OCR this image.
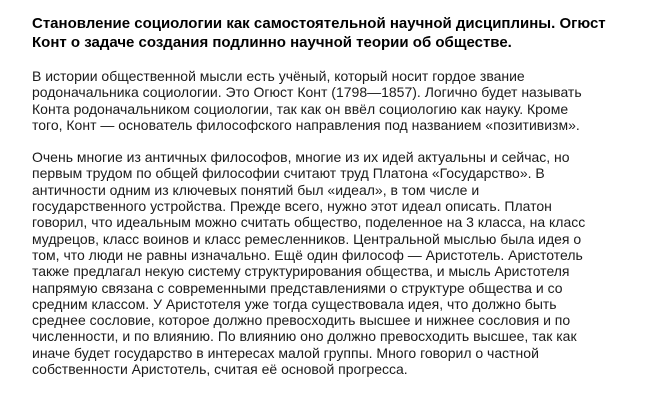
Становление социологии как самостоятельной научной дисциплины. Огюст
Конт о задаче создания подлинно научной теории об обществе.
В истории общественной мысли есть учёный, который носит гордое звание
родоначальника социологии. Это Огюст Конт (1798—1857). Логично будет называть
Конта родоначальником социологии, так как он ввёл социологию как науку. Кроме
того, Конт — основатель философского направления под названием «позитивизм».
Очень многие из античных философов, многие из их идей актуальны и сейчас, но
первым трудом по общей философии считают труд Платона «Государство». В
античности одним из ключевых понятий был «идеал», в том числе и
государственного устройства. Прежде всего, нужно этот идеал описать. Платон
говорил, что идеальным можно считать общество, поделенное на 3 класса, на класс
мудрецов, класс воинов и класс ремесленников. Центральной мыслью была идея о
том, что люди не равны изначально. Ещё один философ — Аристотель. Аристотель
также предлагал некую систему структурирования общества, и мысль Аристотеля
напрямую связана с современными представлениями о структуре общества и со
средним классом. У Аристотеля уже тогда существовала идея, что должно быть
среднее сословие, которое должно превосходить высшее и нижнее сословия и по
численности, и по влиянию. По влиянию оно должно превосходить высшее, так как
иначе будет государство в интересах малой группы. Много говорил о частной
собственности Аристотель, считая её основой прогресса.
